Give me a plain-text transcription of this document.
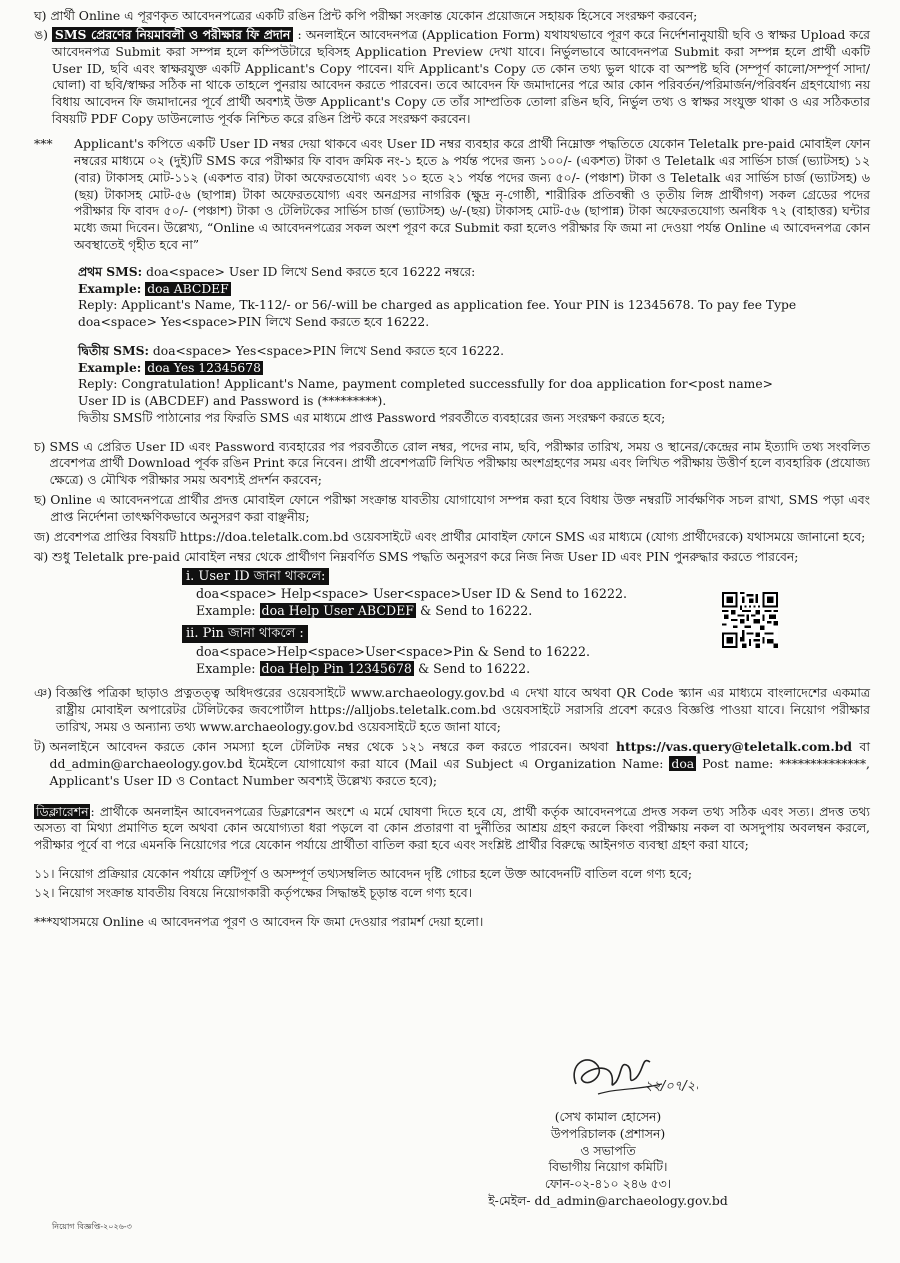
ঘ)
প্রার্থী Online এ পূরণকৃত আবেদনপত্রের একটি রঙিন প্রিন্ট কপি পরীক্ষা সংক্রান্ত যেকোন প্রয়োজনে সহায়ক হিসেবে সংরক্ষণ করবেন;

ঙ)
SMS প্রেরণের নিয়মাবলী ও পরীক্ষার ফি প্রদান : অনলাইনে আবেদনপত্র (Application Form) যথাযথভাবে পূরণ করে নির্দেশনানুযায়ী ছবি ও স্বাক্ষর Upload করে আবেদনপত্র Submit করা সম্পন্ন হলে কম্পিউটারে ছবিসহ Application Preview দেখা যাবে। নির্ভুলভাবে আবেদনপত্র Submit করা সম্পন্ন হলে প্রার্থী একটি User ID, ছবি এবং স্বাক্ষরযুক্ত একটি Applicant's Copy পাবেন। যদি Applicant's Copy তে কোন তথ্য ভুল থাকে বা অস্পষ্ট ছবি (সম্পূর্ণ কালো/সম্পূর্ণ সাদা/ঘোলা) বা ছবি/স্বাক্ষর সঠিক না থাকে তাহলে পুনরায় আবেদন করতে পারবেন। তবে আবেদন ফি জমাদানের পরে আর কোন পরিবর্তন/পরিমার্জন/পরিবর্ধন গ্রহণযোগ্য নয় বিধায় আবেদন ফি জমাদানের পূর্বে প্রার্থী অবশ্যই উক্ত Applicant's Copy তে তাঁর সাম্প্রতিক তোলা রঙিন ছবি, নির্ভুল তথ্য ও স্বাক্ষর সংযুক্ত থাকা ও এর সঠিকতার বিষয়টি PDF Copy ডাউনলোড পূর্বক নিশ্চিত করে রঙিন প্রিন্ট করে সংরক্ষণ করবেন।

***	Applicant's কপিতে একটি User ID নম্বর দেয়া থাকবে এবং User ID নম্বর ব্যবহার করে প্রার্থী নিম্নোক্ত পদ্ধতিতে যেকোন Teletalk pre-paid মোবাইল ফোন নম্বরের মাধ্যমে ০২ (দুই)টি SMS করে পরীক্ষার ফি বাবদ ক্রমিক নং-১ হতে ৯ পর্যন্ত পদের জন্য ১০০/- (একশত) টাকা ও Teletalk এর সার্ভিস চার্জ (ভ্যাটসহ) ১২ (বার) টাকাসহ মোট-১১২ (একশত বার) টাকা অফেরতযোগ্য এবং ১০ হতে ২১ পর্যন্ত পদের জন্য ৫০/- (পঞ্চাশ) টাকা ও Teletalk এর সার্ভিস চার্জ (ভ্যাটসহ) ৬ (ছয়) টাকাসহ মোট-৫৬ (ছাপান্ন) টাকা অফেরতযোগ্য এবং অনগ্রসর নাগরিক (ক্ষুদ্র নৃ-গোষ্ঠী, শারীরিক প্রতিবন্ধী ও তৃতীয় লিঙ্গ প্রার্থীগণ) সকল গ্রেডের পদের পরীক্ষার ফি বাবদ ৫০/- (পঞ্চাশ) টাকা ও টেলিটকের সার্ভিস চার্জ (ভ্যাটসহ) ৬/-(ছয়) টাকাসহ মোট-৫৬ (ছাপান্ন) টাকা অফেরতযোগ্য অনধিক ৭২ (বাহাত্তর) ঘন্টার মধ্যে জমা দিবেন। উল্লেখ্য, “Online এ আবেদনপত্রের সকল অংশ পূরণ করে Submit করা হলেও পরীক্ষার ফি জমা না দেওয়া পর্যন্ত Online এ আবেদনপত্র কোন অবস্থাতেই গৃহীত হবে না”

প্রথম SMS: doa<space> User ID লিখে Send করতে হবে 16222 নম্বরে:
Example: doa ABCDEF
Reply: Applicant's Name, Tk-112/- or 56/-will be charged as application fee. Your PIN is 12345678. To pay fee Type
doa<space> Yes<space>PIN লিখে Send করতে হবে 16222.
দ্বিতীয় SMS: doa<space> Yes<space>PIN লিখে Send করতে হবে 16222.
Example: doa Yes 12345678
Reply: Congratulation! Applicant's Name, payment completed successfully for doa application for<post name>
User ID is (ABCDEF) and Password is (*********).
দ্বিতীয় SMSটি পাঠানোর পর ফিরতি SMS এর মাধ্যমে প্রাপ্ত Password পরবর্তীতে ব্যবহারের জন্য সংরক্ষণ করতে হবে;
চ)
SMS এ প্রেরিত User ID এবং Password ব্যবহারের পর পরবর্তীতে রোল নম্বর, পদের নাম, ছবি, পরীক্ষার তারিখ, সময় ও স্থানের/কেন্দ্রের নাম ইত্যাদি তথ্য সংবলিত প্রবেশপত্র প্রার্থী Download পূর্বক রঙিন Print করে নিবেন। প্রার্থী প্রবেশপত্রটি লিখিত পরীক্ষায় অংশগ্রহণের সময় এবং লিখিত পরীক্ষায় উত্তীর্ণ হলে ব্যবহারিক (প্রযোজ্য ক্ষেত্রে) ও মৌখিক পরীক্ষার সময় অবশ্যই প্রদর্শন করবেন;

ছ)
Online এ আবেদনপত্রে প্রার্থীর প্রদত্ত মোবাইল ফোনে পরীক্ষা সংক্রান্ত যাবতীয় যোগাযোগ সম্পন্ন করা হবে বিধায় উক্ত নম্বরটি সার্বক্ষণিক সচল রাখা, SMS পড়া এবং প্রাপ্ত নির্দেশনা তাৎক্ষণিকভাবে অনুসরণ করা বাঞ্ছনীয়;

জ)
প্রবেশপত্র প্রাপ্তির বিষয়টি https://doa.teletalk.com.bd ওয়েবসাইটে এবং প্রার্থীর মোবাইল ফোনে SMS এর মাধ্যমে (যোগ্য প্রার্থীদেরকে) যথাসময়ে জানানো হবে;

ঝ)
শুধু Teletalk pre-paid মোবাইল নম্বর থেকে প্রার্থীগণ নিম্নবর্ণিত SMS পদ্ধতি অনুসরণ করে নিজ নিজ User ID এবং PIN পুনরুদ্ধার করতে পারবেন;

i. User ID জানা থাকলে:
doa<space> Help<space> User<space>User ID & Send to 16222.
Example: doa Help User ABCDEF & Send to 16222.
ii. Pin জানা থাকলে :
doa<space>Help<space>User<space>Pin & Send to 16222.
Example: doa Help Pin 12345678 & Send to 16222.
ঞ)
বিজ্ঞপ্তি পত্রিকা ছাড়াও প্রত্নতত্ত্ব অধিদপ্তরের ওয়েবসাইটে www.archaeology.gov.bd এ দেখা যাবে অথবা QR Code স্ক্যান এর মাধ্যমে বাংলাদেশের একমাত্র রাষ্ট্রীয় মোবাইল অপারেটর টেলিটকের জবপোর্টাল https://alljobs.teletalk.com.bd ওয়েবসাইটে সরাসরি প্রবেশ করেও বিজ্ঞপ্তি পাওয়া যাবে। নিয়োগ পরীক্ষার তারিখ, সময় ও অন্যান্য তথ্য www.archaeology.gov.bd ওয়েবসাইটে হতে জানা যাবে;

ট)
অনলাইনে আবেদন করতে কোন সমস্যা হলে টেলিটক নম্বর থেকে ১২১ নম্বরে কল করতে পারবেন। অথবা https://vas.query@teletalk.com.bd বা dd_admin@archaeology.gov.bd ইমেইলে যোগাযোগ করা যাবে (Mail এর Subject এ Organization Name: doa Post name: **************, Applicant's User ID ও Contact Number অবশ্যই উল্লেখ্য করতে হবে);

ডিক্লারেশন : প্রার্থীকে অনলাইন আবেদনপত্রের ডিক্লারেশন অংশে এ মর্মে ঘোষণা দিতে হবে যে, প্রার্থী কর্তৃক আবেদনপত্রে প্রদত্ত সকল তথ্য সঠিক এবং সত্য। প্রদত্ত তথ্য অসত্য বা মিথ্যা প্রমাণিত হলে অথবা কোন অযোগ্যতা ধরা পড়লে বা কোন প্রতারণা বা দুর্নীতির আশ্রয় গ্রহণ করলে কিংবা পরীক্ষায় নকল বা অসদুপায় অবলম্বন করলে, পরীক্ষার পূর্বে বা পরে এমনকি নিয়োগের পরে যেকোন পর্যায়ে প্রার্থীতা বাতিল করা হবে এবং সংশ্লিষ্ট প্রার্থীর বিরুদ্ধে আইনগত ব্যবস্থা গ্রহণ করা যাবে;

১১।
নিয়োগ প্রক্রিয়ার যেকোন পর্যায়ে ত্রুটিপূর্ণ ও অসম্পূর্ণ তথ্যসম্বলিত আবেদন দৃষ্টি গোচর হলে উক্ত আবেদনটি বাতিল বলে গণ্য হবে;

১২।
নিয়োগ সংক্রান্ত যাবতীয় বিষয়ে নিয়োগকারী কর্তৃপক্ষের সিদ্ধান্তই চূড়ান্ত বলে গণ্য হবে।

***যথাসময়ে Online এ আবেদনপত্র পূরণ ও আবেদন ফি জমা দেওয়ার পরামর্শ দেয়া হলো।

২২/০৭/২৪
(সেখ কামাল হোসেন)
উপপরিচালক (প্রশাসন)
ও সভাপতি
বিভাগীয় নিয়োগ কমিটি।
ফোন-০২-৪১০ ২৪৬ ৫৩।
ই-মেইল- dd_admin@archaeology.gov.bd
নিয়োগ বিজ্ঞপ্তি-২০২৬-৩
